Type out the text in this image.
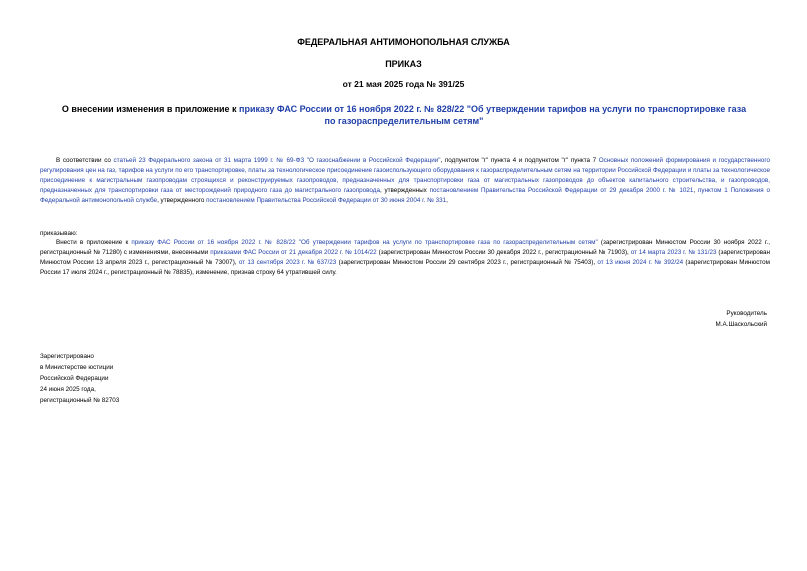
ФЕДЕРАЛЬНАЯ АНТИМОНОПОЛЬНАЯ СЛУЖБА
ПРИКАЗ
от 21 мая 2025 года № 391/25
О внесении изменения в приложение к приказу ФАС России от 16 ноября 2022 г. № 828/22 "Об утверждении тарифов на услуги по транспортировке газа по газораспределительным сетям"
В соответствии со статьей 23 Федерального закона от 31 марта 1999 г. № 69-ФЗ "О газоснабжении в Российской Федерации", подпунктом "г" пункта 4 и подпунктом "г" пункта 7 Основных положений формирования и государственного регулирования цен на газ, тарифов на услуги по его транспортировке, платы за технологическое присоединение газоиспользующего оборудования к газораспределительным сетям на территории Российской Федерации и платы за технологическое присоединение к магистральным газопроводам строящихся и реконструируемых газопроводов, предназначенных для транспортировки газа от магистральных газопроводов до объектов капитального строительства, и газопроводов, предназначенных для транспортировки газа от месторождений природного газа до магистрального газопровода, утвержденных постановлением Правительства Российской Федерации от 29 декабря 2000 г. № 1021, пунктом 1 Положения о Федеральной антимонопольной службе, утвержденного постановлением Правительства Российской Федерации от 30 июня 2004 г. № 331,
приказываю:
Внести в приложение к приказу ФАС России от 16 ноября 2022 г. № 828/22 "Об утверждении тарифов на услуги по транспортировке газа по газораспределительным сетям" (зарегистрирован Минюстом России 30 ноября 2022 г., регистрационный № 71280) с изменениями, внесенными приказами ФАС России от 21 декабря 2022 г. № 1014/22 (зарегистрирован Минюстом России 30 декабря 2022 г., регистрационный № 71903), от 14 марта 2023 г. № 131/23 (зарегистрирован Минюстом России 13 апреля 2023 г., регистрационный № 73007), от 13 сентября 2023 г. № 637/23 (зарегистрирован Минюстом России 29 сентября 2023 г., регистрационный № 75403), от 13 июня 2024 г. № 392/24 (зарегистрирован Минюстом России 17 июля 2024 г., регистрационный № 78835), изменение, признав строку 64 утратившей силу.
Руководитель
М.А.Шаскольский
Зарегистрировано
в Министерстве юстиции
Российской Федерации
24 июня 2025 года,
регистрационный № 82703
